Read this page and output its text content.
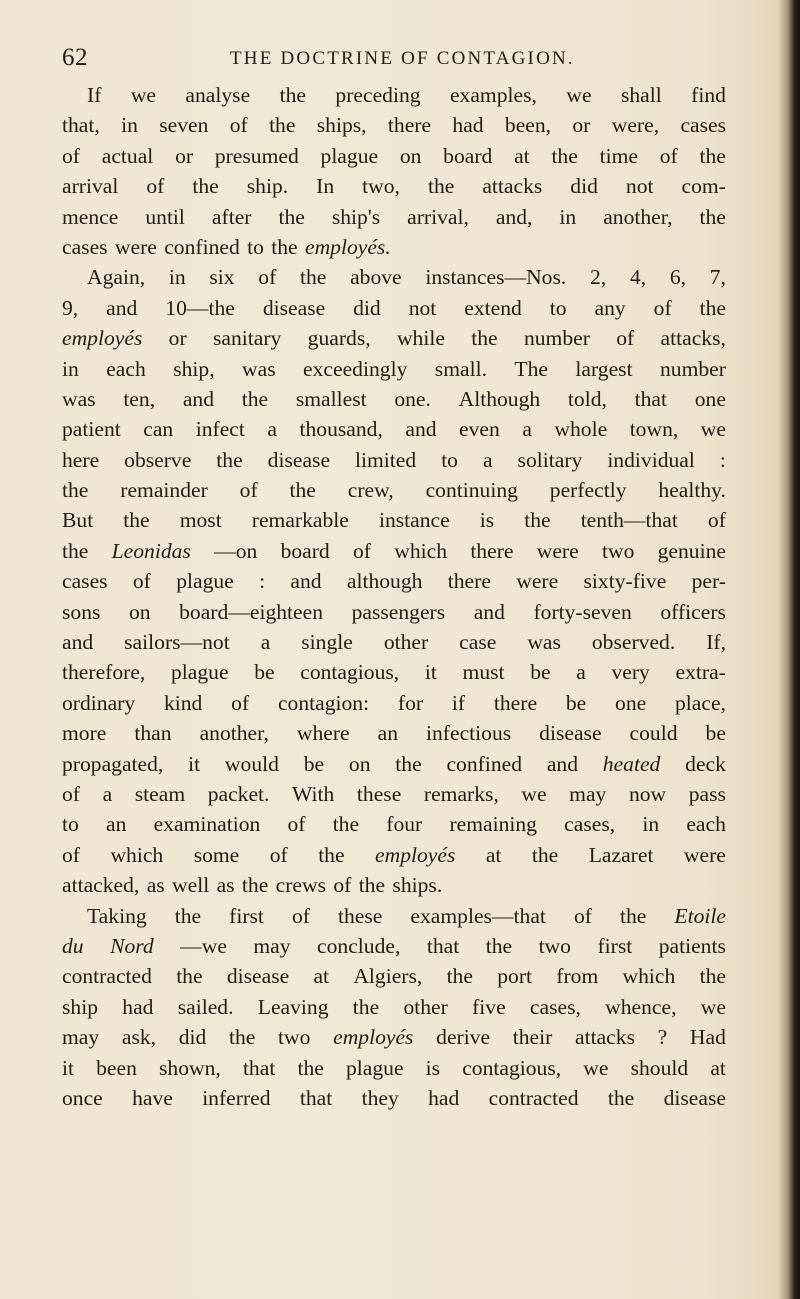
62	THE DOCTRINE OF CONTAGION.
If we analyse the preceding examples, we shall find
that, in seven of the ships, there had been, or were, cases
of actual or presumed plague on board at the time of the
arrival of the ship. In two, the attacks did not com-
mence until after the ship's arrival, and, in another, the
cases were confined to the employés.
Again, in six of the above instances—Nos. 2, 4, 6, 7,
9, and 10—the disease did not extend to any of the
employés or sanitary guards, while the number of attacks,
in each ship, was exceedingly small. The largest number
was ten, and the smallest one. Although told, that one
patient can infect a thousand, and even a whole town, we
here observe the disease limited to a solitary individual :
the remainder of the crew, continuing perfectly healthy.
But the most remarkable instance is the tenth—that of
the Leonidas —on board of which there were two genuine
cases of plague : and although there were sixty-five per-
sons on board—eighteen passengers and forty-seven officers
and sailors—not a single other case was observed. If,
therefore, plague be contagious, it must be a very extra-
ordinary kind of contagion: for if there be one place,
more than another, where an infectious disease could be
propagated, it would be on the confined and heated deck
of a steam packet. With these remarks, we may now pass
to an examination of the four remaining cases, in each
of which some of the employés at the Lazaret were
attacked, as well as the crews of the ships.
Taking the first of these examples—that of the Etoile
du Nord —we may conclude, that the two first patients
contracted the disease at Algiers, the port from which the
ship had sailed. Leaving the other five cases, whence, we
may ask, did the two employés derive their attacks ? Had
it been shown, that the plague is contagious, we should at
once have inferred that they had contracted the disease
